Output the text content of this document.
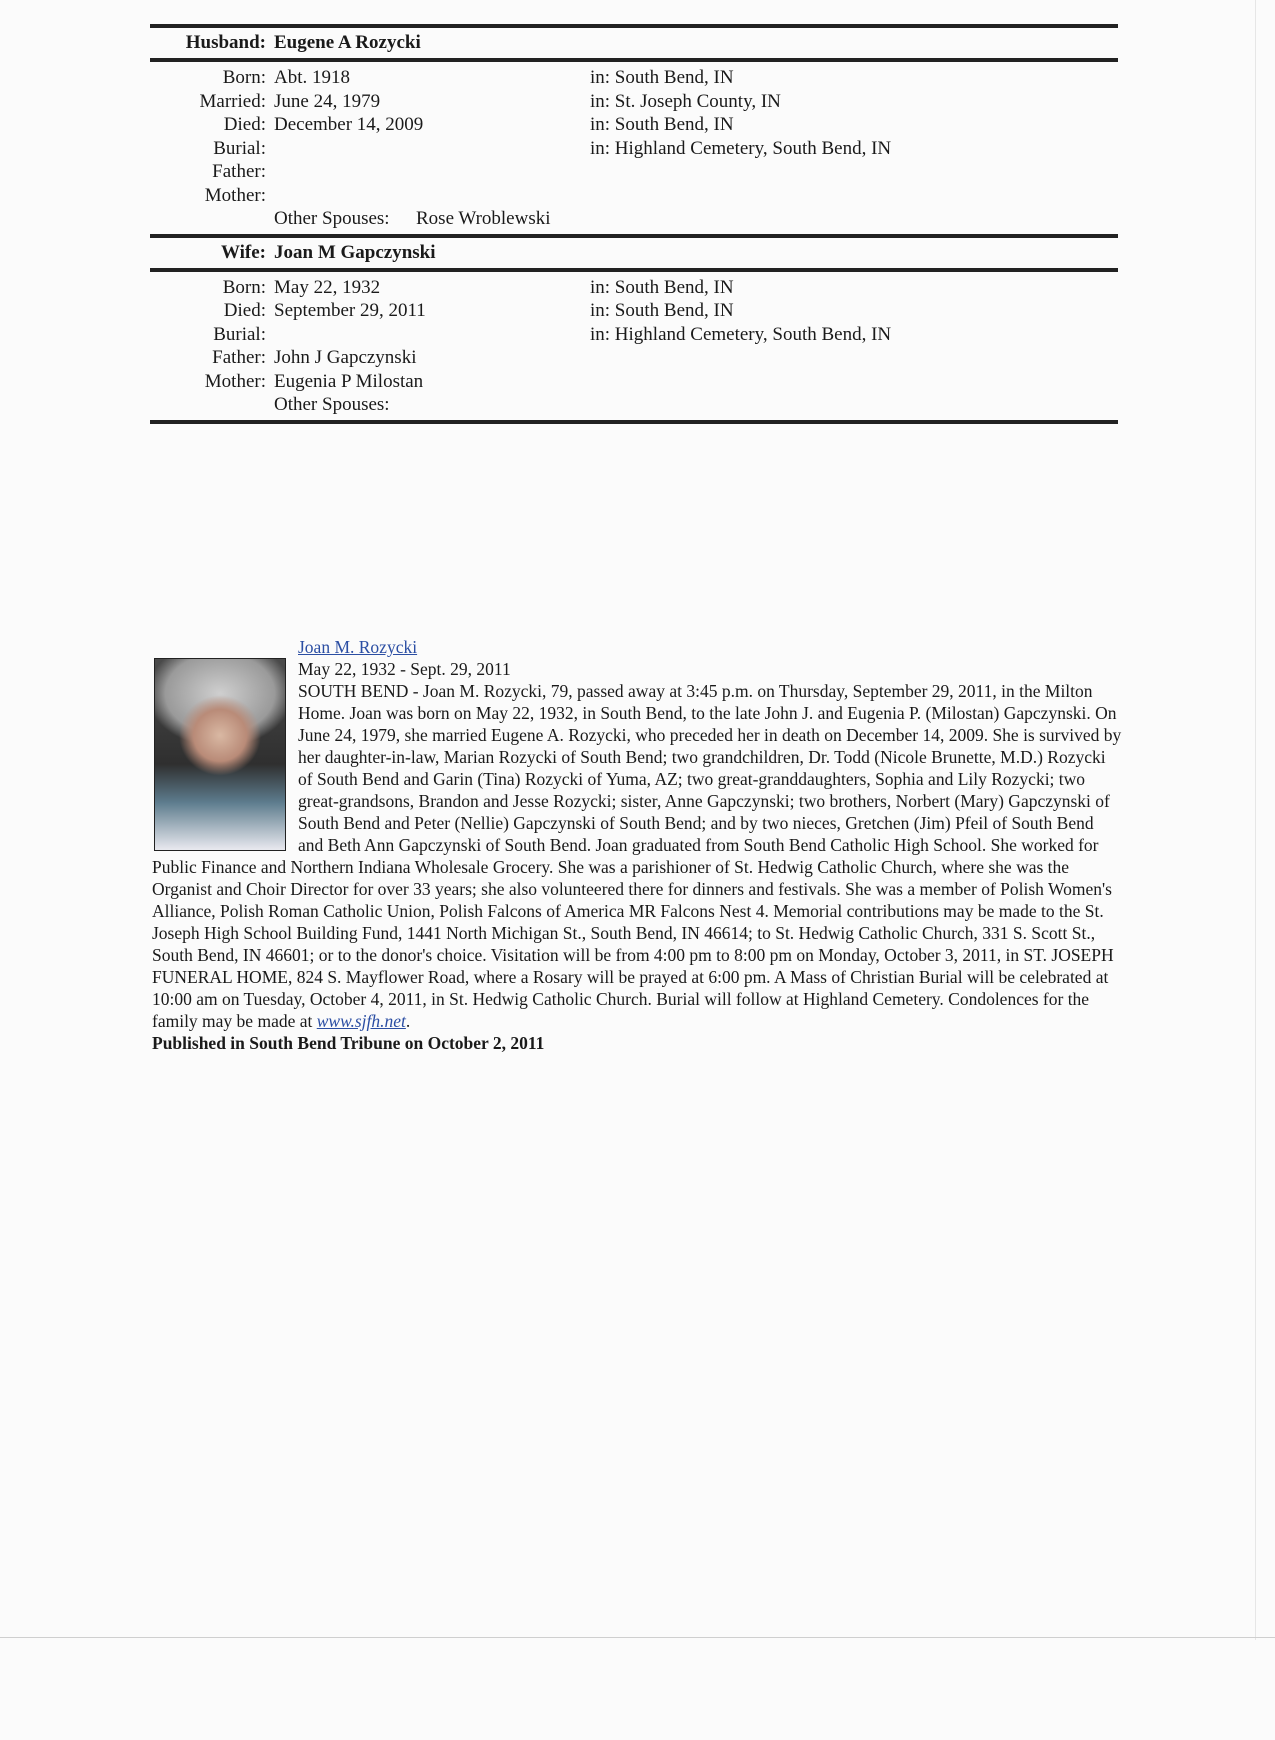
Husband: Eugene A Rozycki
Born: Abt. 1918	in: South Bend, IN
Married: June 24, 1979	in: St. Joseph County, IN
Died: December 14, 2009	in: South Bend, IN
Burial:	in: Highland Cemetery, South Bend, IN
Father:
Mother:
Other Spouses:	Rose Wroblewski
Wife: Joan M Gapczynski
Born: May 22, 1932	in: South Bend, IN
Died: September 29, 2011	in: South Bend, IN
Burial:	in: Highland Cemetery, South Bend, IN
Father: John J Gapczynski
Mother: Eugenia P Milostan
Other Spouses:
Joan M. Rozycki
May 22, 1932 - Sept. 29, 2011
SOUTH BEND - Joan M. Rozycki, 79, passed away at 3:45 p.m. on Thursday, September 29, 2011, in the Milton Home. Joan was born on May 22, 1932, in South Bend, to the late John J. and Eugenia P. (Milostan) Gapczynski. On June 24, 1979, she married Eugene A. Rozycki, who preceded her in death on December 14, 2009. She is survived by her daughter-in-law, Marian Rozycki of South Bend; two grandchildren, Dr. Todd (Nicole Brunette, M.D.) Rozycki of South Bend and Garin (Tina) Rozycki of Yuma, AZ; two great-granddaughters, Sophia and Lily Rozycki; two great-grandsons, Brandon and Jesse Rozycki; sister, Anne Gapczynski; two brothers, Norbert (Mary) Gapczynski of South Bend and Peter (Nellie) Gapczynski of South Bend; and by two nieces, Gretchen (Jim) Pfeil of South Bend and Beth Ann Gapczynski of South Bend. Joan graduated from South Bend Catholic High School. She worked for Public Finance and Northern Indiana Wholesale Grocery. She was a parishioner of St. Hedwig Catholic Church, where she was the Organist and Choir Director for over 33 years; she also volunteered there for dinners and festivals. She was a member of Polish Women's Alliance, Polish Roman Catholic Union, Polish Falcons of America MR Falcons Nest 4. Memorial contributions may be made to the St. Joseph High School Building Fund, 1441 North Michigan St., South Bend, IN 46614; to St. Hedwig Catholic Church, 331 S. Scott St., South Bend, IN 46601; or to the donor's choice. Visitation will be from 4:00 pm to 8:00 pm on Monday, October 3, 2011, in ST. JOSEPH FUNERAL HOME, 824 S. Mayflower Road, where a Rosary will be prayed at 6:00 pm. A Mass of Christian Burial will be celebrated at 10:00 am on Tuesday, October 4, 2011, in St. Hedwig Catholic Church. Burial will follow at Highland Cemetery. Condolences for the family may be made at www.sjfh.net.
Published in South Bend Tribune on October 2, 2011
